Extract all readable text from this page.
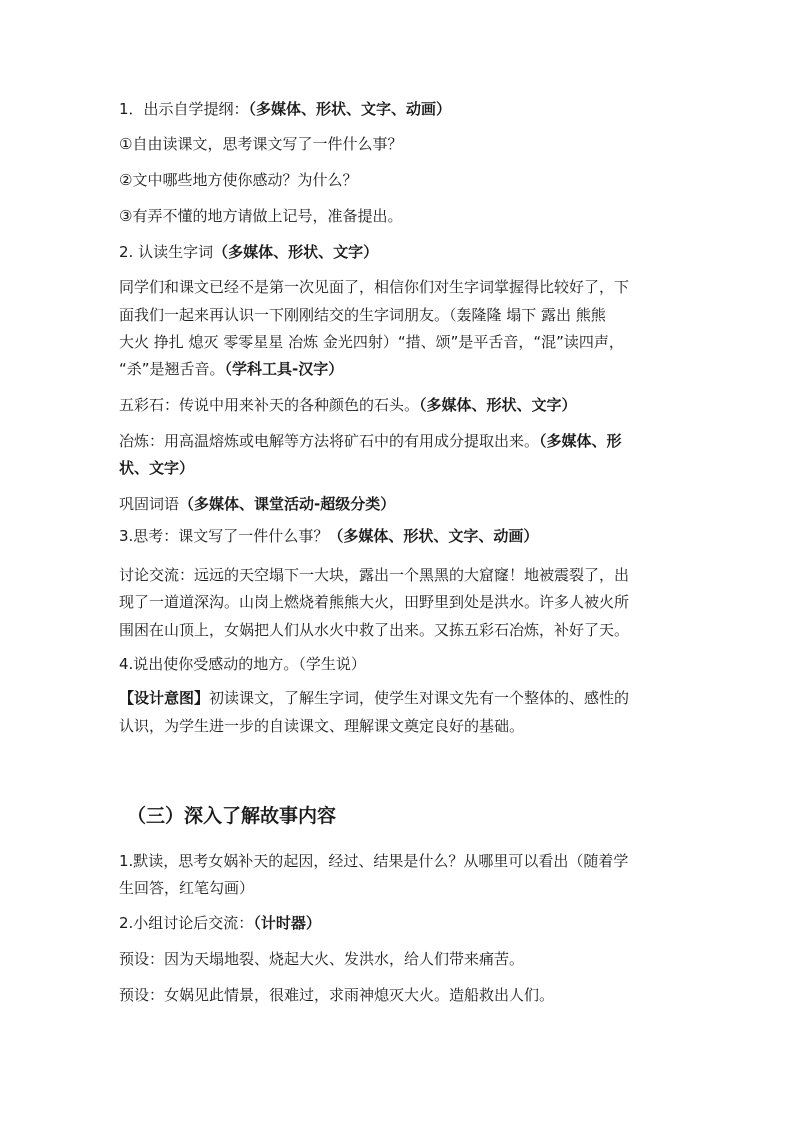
1．出示自学提纲：（多媒体、形状、文字、动画）
①自由读课文，思考课文写了一件什么事？
②文中哪些地方使你感动？为什么？
③有弄不懂的地方请做上记号，准备提出。
2. 认读生字词（多媒体、形状、文字）
同学们和课文已经不是第一次见面了，相信你们对生字词掌握得比较好了，下
面我们一起来再认识一下刚刚结交的生字词朋友。（轰隆隆 塌下 露出 熊熊
大火 挣扎 熄灭 零零星星 冶炼 金光四射）“措、颂”是平舌音，“混”读四声，
“杀”是翘舌音。（学科工具-汉字）
五彩石：传说中用来补天的各种颜色的石头。（多媒体、形状、文字）
冶炼：用高温熔炼或电解等方法将矿石中的有用成分提取出来。（多媒体、形
状、文字）
巩固词语（多媒体、课堂活动-超级分类）
3.思考：课文写了一件什么事？（多媒体、形状、文字、动画）
讨论交流：远远的天空塌下一大块，露出一个黑黑的大窟窿！地被震裂了，出
现了一道道深沟。山岗上燃烧着熊熊大火，田野里到处是洪水。许多人被火所
围困在山顶上，女娲把人们从水火中救了出来。又拣五彩石冶炼，补好了天。
4.说出使你受感动的地方。（学生说）
【设计意图】初读课文，了解生字词，使学生对课文先有一个整体的、感性的
认识，为学生进一步的自读课文、理解课文奠定良好的基础。
（三）深入了解故事内容
1.默读，思考女娲补天的起因，经过、结果是什么？从哪里可以看出（随着学
生回答，红笔勾画）
2.小组讨论后交流：（计时器）
预设：因为天塌地裂、烧起大火、发洪水，给人们带来痛苦。
预设：女娲见此情景，很难过，求雨神熄灭大火。造船救出人们。
